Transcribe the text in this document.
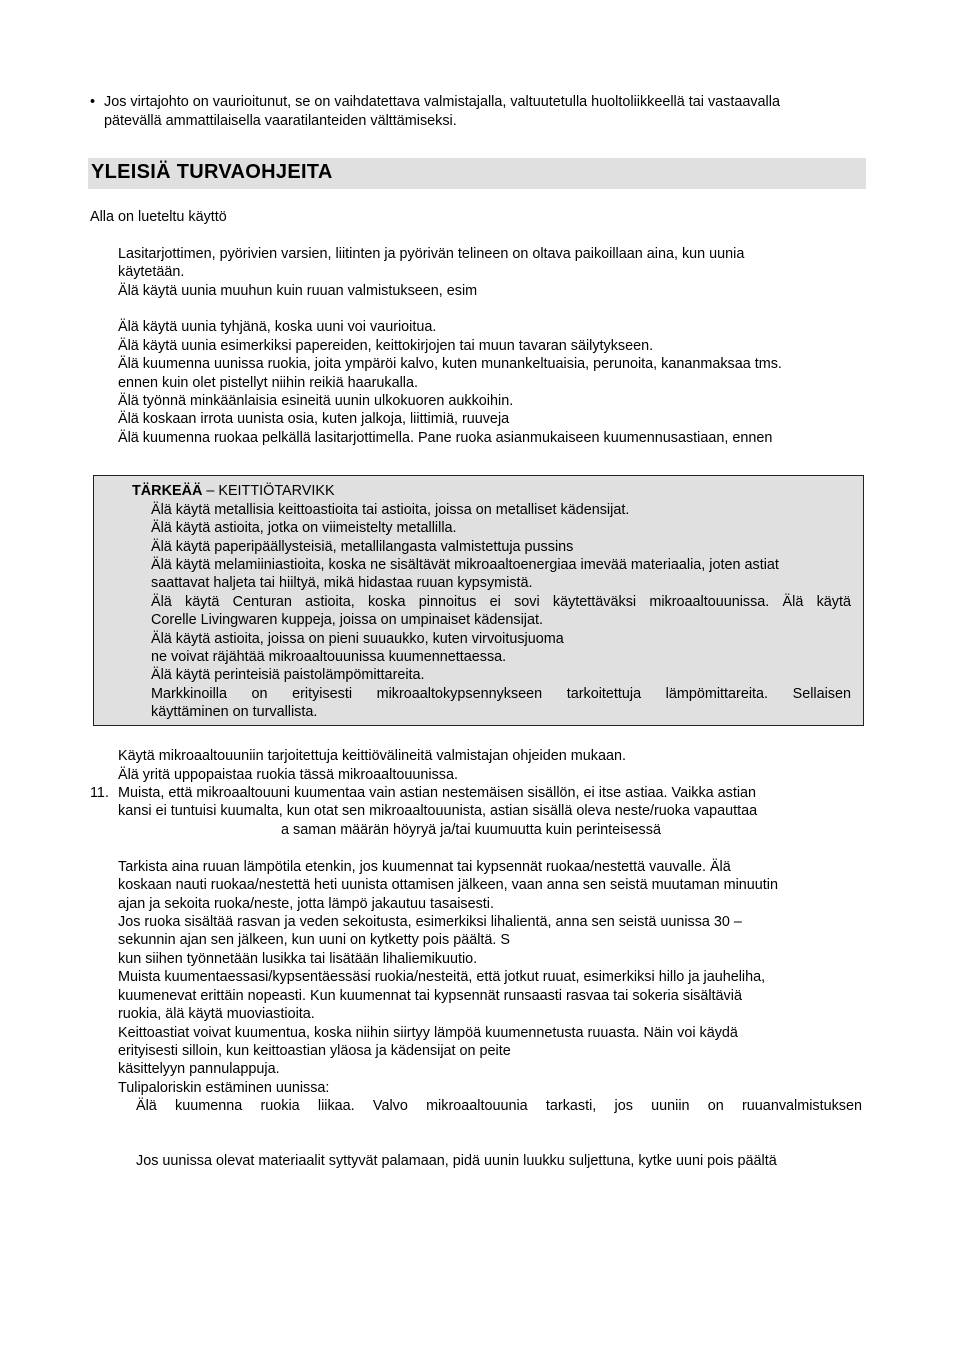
• Jos virtajohto on vaurioitunut, se on vaihdatettava valmistajalla, valtuutetulla huoltoliikkeellä tai vastaavalla
pätevällä ammattilaisella vaaratilanteiden välttämiseksi.
YLEISIÄ TURVAOHJEITA
Alla on lueteltu käyttö
Lasitarjottimen, pyörivien varsien, liitinten ja pyörivän telineen on oltava paikoillaan aina, kun uunia
käytetään.
Älä käytä uunia muuhun kuin ruuan valmistukseen, esim
Älä käytä uunia tyhjänä, koska uuni voi vaurioitua.
Älä käytä uunia esimerkiksi papereiden, keittokirjojen tai muun tavaran säilytykseen.
Älä kuumenna uunissa ruokia, joita ympäröi kalvo, kuten munankeltuaisia, perunoita, kananmaksaa tms.
ennen kuin olet pistellyt niihin reikiä haarukalla.
Älä työnnä minkäänlaisia esineitä uunin ulkokuoren aukkoihin.
Älä koskaan irrota uunista osia, kuten jalkoja, liittimiä, ruuveja
Älä kuumenna ruokaa pelkällä lasitarjottimella. Pane ruoka asianmukaiseen kuumennusastiaan, ennen
TÄRKEÄÄ – KEITTIÖTARVIKK
Älä käytä metallisia keittoastioita tai astioita, joissa on metalliset kädensijat.
Älä käytä astioita, jotka on viimeistelty metallilla.
Älä käytä paperipäällysteisiä, metallilangasta valmistettuja pussins
Älä käytä melamiiniastioita, koska ne sisältävät mikroaaltoenergiaa imevää materiaalia, joten astiat
saattavat haljeta tai hiiltyä, mikä hidastaa ruuan kypsymistä.
Älä käytä Centuran astioita, koska pinnoitus ei sovi käytettäväksi mikroaaltouunissa. Älä käytä
Corelle Livingwaren kuppeja, joissa on umpinaiset kädensijat.
Älä käytä astioita, joissa on pieni suuaukko, kuten virvoitusjuoma
ne voivat räjähtää mikroaaltouunissa kuumennettaessa.
Älä käytä perinteisiä paistolämpömittareita.
Markkinoilla on erityisesti mikroaaltokypsennykseen tarkoitettuja lämpömittareita. Sellaisen
käyttäminen on turvallista.
Käytä mikroaaltouuniin tarjoitettuja keittiövälineitä valmistajan ohjeiden mukaan.
Älä yritä uppopaistaa ruokia tässä mikroaaltouunissa.
11. Muista, että mikroaaltouuni kuumentaa vain astian nestemäisen sisällön, ei itse astiaa. Vaikka astian
kansi ei tuntuisi kuumalta, kun otat sen mikroaaltouunista, astian sisällä oleva neste/ruoka vapauttaa
a saman määrän höyryä ja/tai kuumuutta kuin perinteisessä
Tarkista aina ruuan lämpötila etenkin, jos kuumennat tai kypsennät ruokaa/nestettä vauvalle. Älä
koskaan nauti ruokaa/nestettä heti uunista ottamisen jälkeen, vaan anna sen seistä muutaman minuutin
ajan ja sekoita ruoka/neste, jotta lämpö jakautuu tasaisesti.
Jos ruoka sisältää rasvan ja veden sekoitusta, esimerkiksi lihalientä, anna sen seistä uunissa 30 –
sekunnin ajan sen jälkeen, kun uuni on kytketty pois päältä. S
kun siihen työnnetään lusikka tai lisätään lihaliemikuutio.
Muista kuumentaessasi/kypsentäessäsi ruokia/nesteitä, että jotkut ruuat, esimerkiksi hillo ja jauheliha,
kuumenevat erittäin nopeasti. Kun kuumennat tai kypsennät runsaasti rasvaa tai sokeria sisältäviä
ruokia, älä käytä muoviastioita.
Keittoastiat voivat kuumentua, koska niihin siirtyy lämpöä kuumennetusta ruuasta. Näin voi käydä
erityisesti silloin, kun keittoastian yläosa ja kädensijat on peite
käsittelyyn pannulappuja.
Tulipaloriskin estäminen uunissa:
Älä kuumenna ruokia liikaa. Valvo mikroaaltouunia tarkasti, jos uuniin on ruuanvalmistuksen
Jos uunissa olevat materiaalit syttyvät palamaan, pidä uunin luukku suljettuna, kytke uuni pois päältä
